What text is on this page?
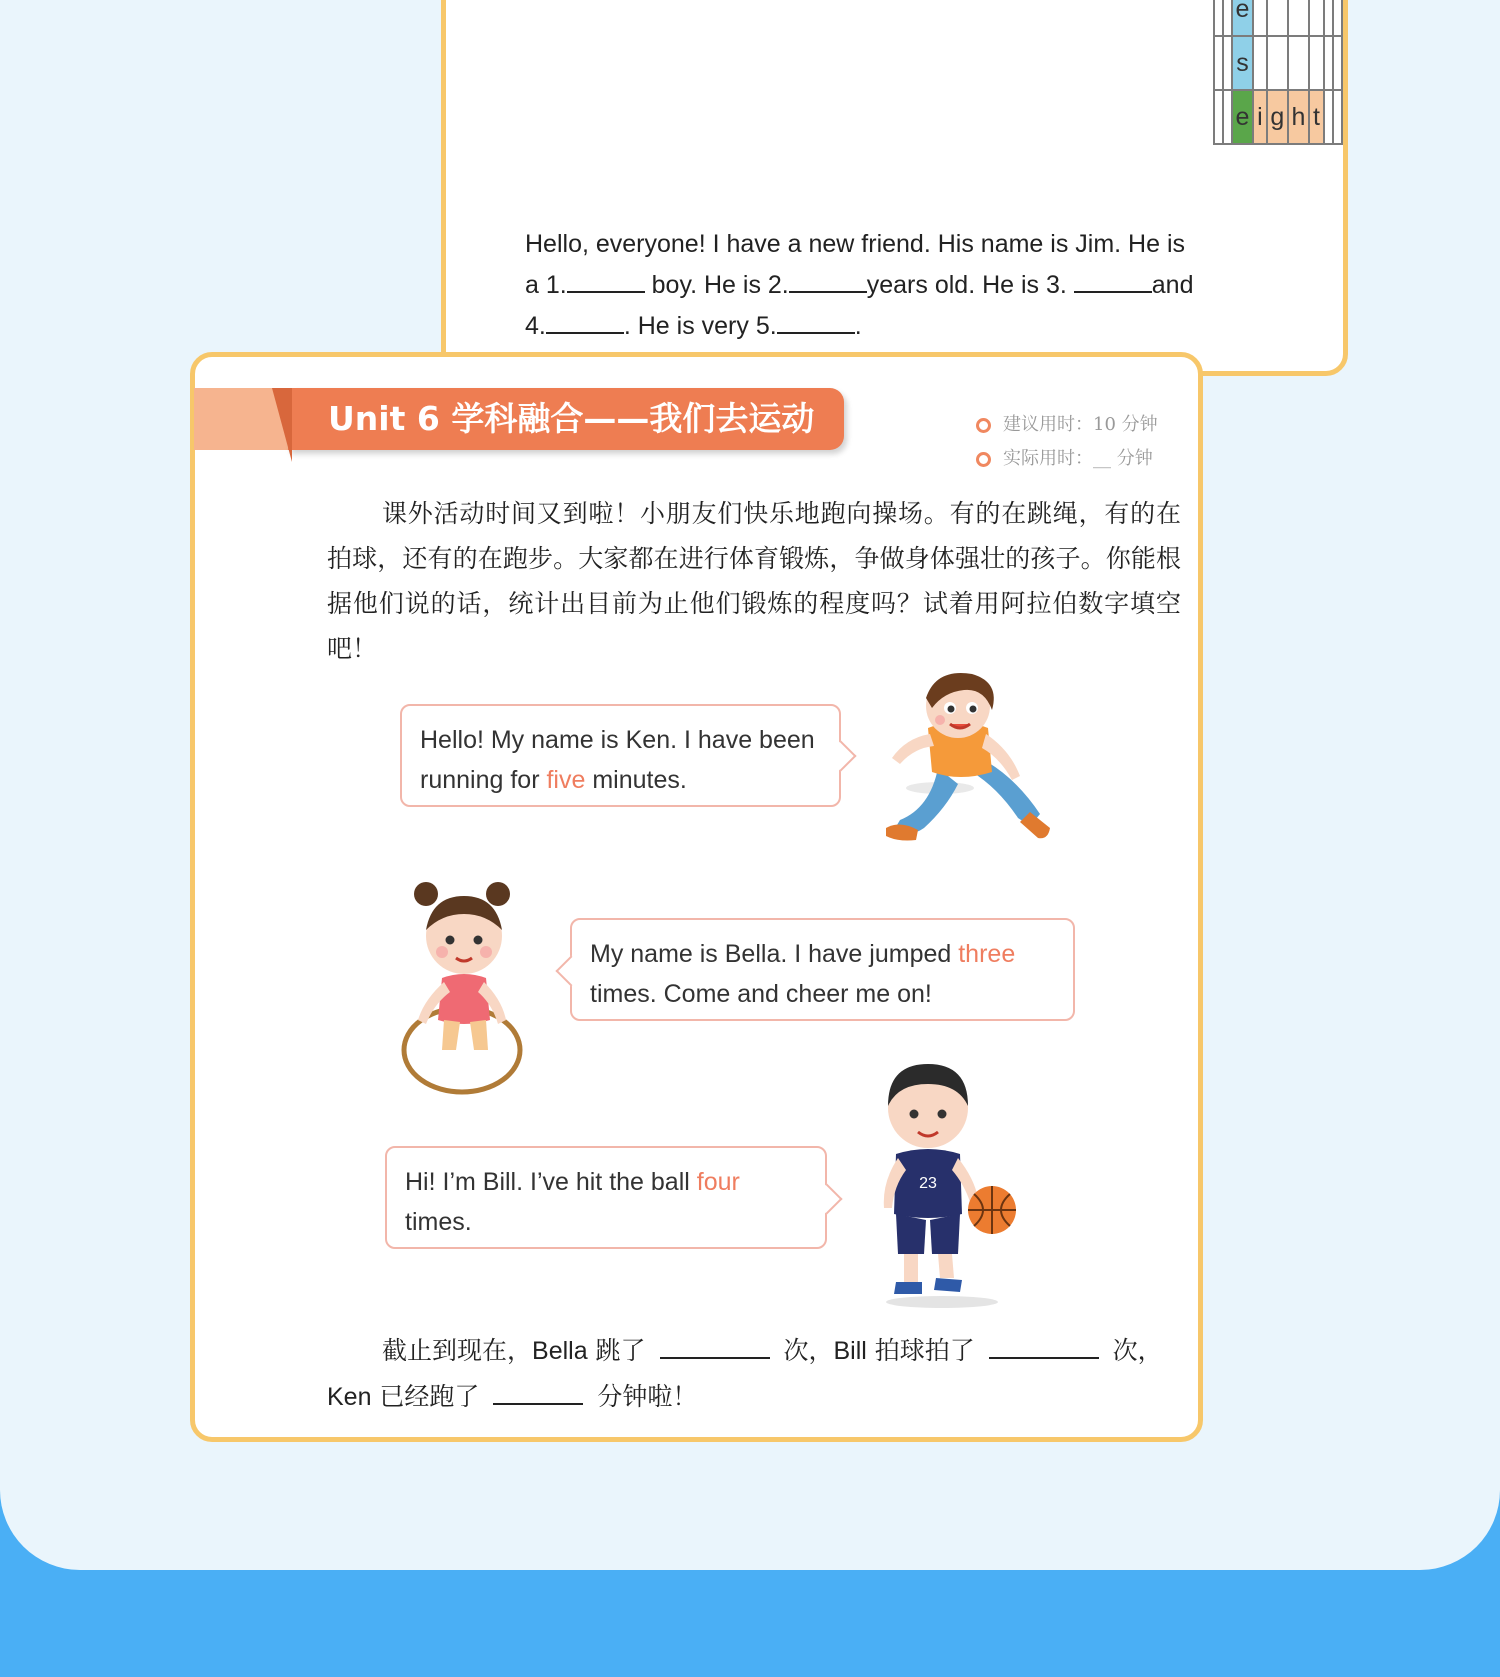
		e						
		s						
		e	i	g	h	t		
Hello, everyone! I have a new friend. His name is Jim. He is
a 1.	boy. He is 2.	years old. He is 3.	and
4.	. He is very 5.	.
Unit 6 学科融合——我们去运动	建议用时：10 分钟
实际用时：__ 分钟
课外活动时间又到啦！小朋友们快乐地跑向操场。有的在跳绳，有的在拍球，还有的在跑步。大家都在进行体育锻炼，争做身体强壮的孩子。你能根据他们说的话，统计出目前为止他们锻炼的程度吗？试着用阿拉伯数字填空吧！
Hello! My name is Ken. I have been running for five minutes.
My name is Bella. I have jumped three times. Come and cheer me on!
Hi! I’m Bill. I’ve hit the ball four times.
23
截止到现在，Bella 跳了	次，Bill 拍球拍了	次，
Ken 已经跑了	分钟啦！
